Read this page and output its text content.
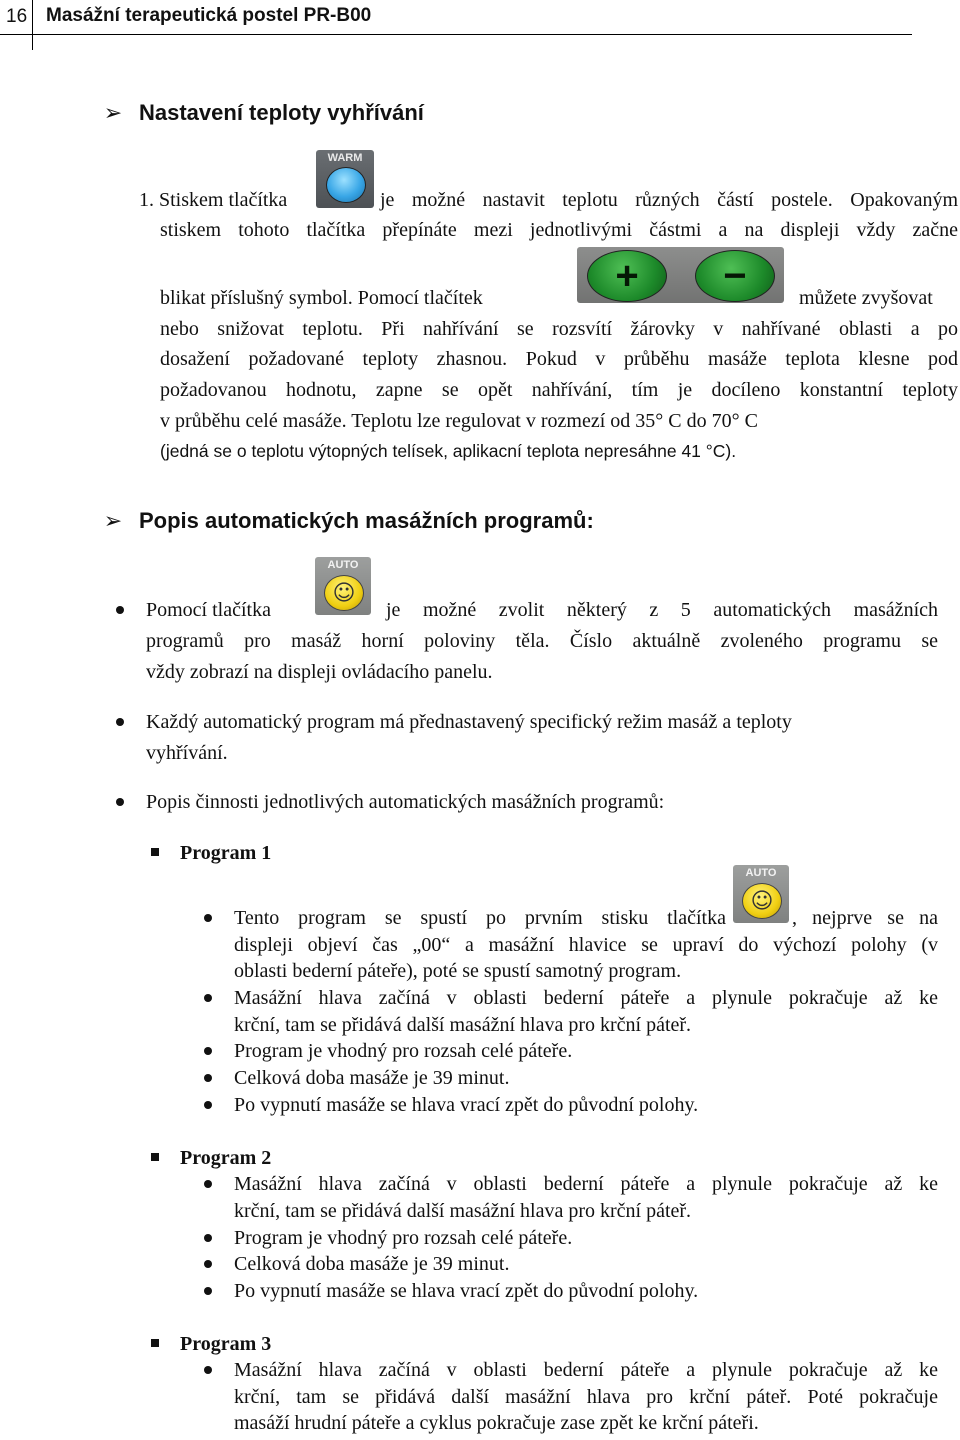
16 Masážní terapeutická postel PR-B00
➢ Nastavení teploty vyhřívání
1. Stiskem tlačítka
WARM
je možné nastavit teplotu různých částí postele. Opakovaným
stiskem tohoto tlačítka přepínáte mezi jednotlivými částmi a na displeji vždy začne
blikat příslušný symbol. Pomocí tlačítek
+	−
můžete zvyšovat
nebo snižovat teplotu. Při nahřívání se rozsvítí žárovky v nahřívané oblasti a po
dosažení požadované teploty zhasnou. Pokud v průběhu masáže teplota klesne pod
požadovanou hodnotu, zapne se opět nahřívání, tím je docíleno konstantní teploty
v průběhu celé masáže. Teplotu lze regulovat v rozmezí od 35° C do 70° C
(jedná se o teplotu výtopných telísek, aplikacní teplota nepresáhne 41 °C).
➢ Popis automatických masážních programů:
Pomocí tlačítka
AUTO
☺
je možné zvolit některý z 5 automatických masážních
programů pro masáž horní poloviny těla. Číslo aktuálně zvoleného programu se
vždy zobrazí na displeji ovládacího panelu.
Každý automatický program má přednastavený specifický režim masáž a teploty
vyhřívání.
Popis činnosti jednotlivých automatických masážních programů:
Program 1
Tento program se spustí po prvním stisku tlačítka
AUTO
☺
, nejprve se na
displeji objeví čas „00“ a masážní hlavice se upraví do výchozí polohy (v
oblasti bederní páteře), poté se spustí samotný program.
Masážní hlava začíná v oblasti bederní páteře a plynule pokračuje až ke
krční, tam se přidává další masážní hlava pro krční páteř.
Program je vhodný pro rozsah celé páteře.
Celková doba masáže je 39 minut.
Po vypnutí masáže se hlava vrací zpět do původní polohy.
Program 2
Masážní hlava začíná v oblasti bederní páteře a plynule pokračuje až ke
krční, tam se přidává další masážní hlava pro krční páteř.
Program je vhodný pro rozsah celé páteře.
Celková doba masáže je 39 minut.
Po vypnutí masáže se hlava vrací zpět do původní polohy.
Program 3
Masážní hlava začíná v oblasti bederní páteře a plynule pokračuje až ke
krční, tam se přidává další masážní hlava pro krční páteř. Poté pokračuje
masáží hrudní páteře a cyklus pokračuje zase zpět ke krční páteři.
